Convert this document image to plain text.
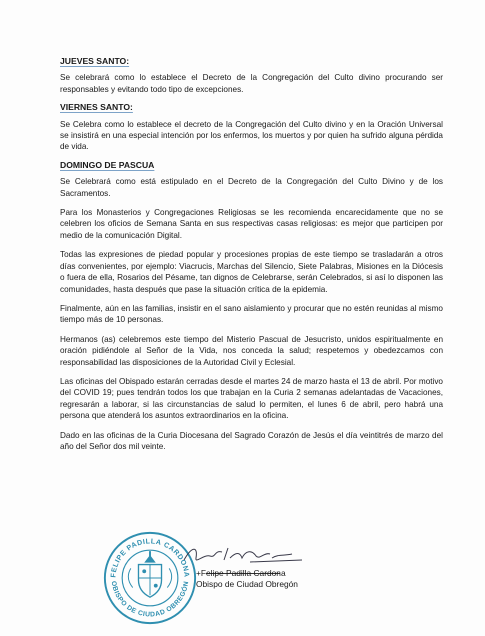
JUEVES SANTO:

Se celebrará como lo establece el Decreto de la Congregación del Culto divino procurando ser responsables y evitando todo tipo de excepciones.

VIERNES SANTO:

Se Celebra como lo establece el decreto de la Congregación del Culto divino y en la Oración Universal se insistirá en una especial intención por los enfermos, los muertos y por quien ha sufrido alguna pérdida de vida.

DOMINGO DE PASCUA

Se Celebrará como está estipulado en el Decreto de la Congregación del Culto Divino y de los Sacramentos.

Para los Monasterios y Congregaciones Religiosas se les recomienda encarecidamente que no se celebren los oficios de Semana Santa en sus respectivas casas religiosas: es mejor que participen por medio de la comunicación Digital.

Todas las expresiones de piedad popular y procesiones propias de este tiempo se trasladarán a otros días convenientes, por ejemplo: Viacrucis, Marchas del Silencio, Siete Palabras, Misiones en la Diócesis o fuera de ella, Rosarios del Pésame, tan dignos de Celebrarse, serán Celebrados, si así lo disponen las comunidades, hasta después que pase la situación crítica de la epidemia.

Finalmente, aún en las familias, insistir en el sano aislamiento y procurar que no estén reunidas al mismo tiempo más de 10 personas.

Hermanos (as) celebremos este tiempo del Misterio Pascual de Jesucristo, unidos espiritualmente en oración pidiéndole al Señor de la Vida, nos conceda la salud; respetemos y obedezcamos con responsabilidad las disposiciones de la Autoridad Civil y Eclesial.

Las oficinas del Obispado estarán cerradas desde el martes 24 de marzo hasta el 13 de abril. Por motivo del COVID 19; pues tendrán todos los que trabajan en la Curia 2 semanas adelantadas de Vacaciones, regresarán a laborar, si las circunstancias de salud lo permiten, el lunes 6 de abril, pero habrá una persona que atenderá los asuntos extraordinarios en la oficina.

Dado en las oficinas de la Curia Diocesana del Sagrado Corazón de Jesús el día veintitrés de marzo del año del Señor dos mil veinte.

FELIPE PADILLA CARDONA
OBISPO DE CIUDAD OBREGÓN
+Felipe Padilla Cardona
Obispo de Ciudad Obregón
